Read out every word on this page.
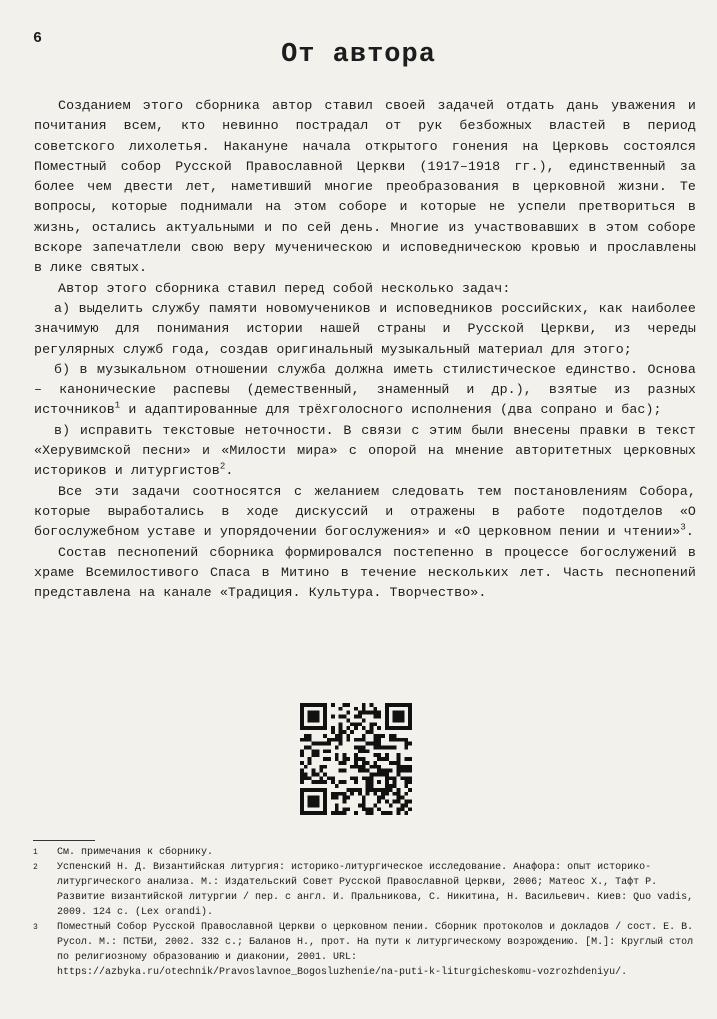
6
От автора

Созданием этого сборника автор ставил своей задачей отдать дань уважения и почитания всем, кто невинно пострадал от рук безбожных властей в период советского лихолетья. Накануне начала открытого гонения на Церковь состоялся Поместный собор Русской Православной Церкви (1917–1918 гг.), единственный за более чем двести лет, наметивший многие преобразования в церковной жизни. Те вопросы, которые поднимали на этом соборе и которые не успели претвориться в жизнь, остались актуальными и по сей день. Многие из участвовавших в этом соборе вскоре запечатлели свою веру мученическою и исповедническою кровью и прославлены в лике святых.

Автор этого сборника ставил перед собой несколько задач:

а) выделить службу памяти новомучеников и исповедников российских, как наиболее значимую для понимания истории нашей страны и Русской Церкви, из череды регулярных служб года, создав оригинальный музыкальный материал для этого;

б) в музыкальном отношении служба должна иметь стилистическое единство. Основа – канонические распевы (демественный, знаменный и др.), взятые из разных источников$^1$ и адаптированные для трёхголосного исполнения (два сопрано и бас);

в) исправить текстовые неточности. В связи с этим были внесены правки в текст «Херувимской песни» и «Милости мира» с опорой на мнение авторитетных церковных историков и литургистов$^2$.

Все эти задачи соотносятся с желанием следовать тем постановлениям Собора, которые выработались в ходе дискуссий и отражены в работе подотделов «О богослужебном уставе и упорядочении богослужения» и «О церковном пении и чтении»$^3$.

Состав песнопений сборника формировался постепенно в процессе богослужений в храме Всемилостивого Спаса в Митино в течение нескольких лет. Часть песнопений представлена на канале «Традиция. Культура. Творчество».

1 См. примечания к сборнику.
2 Успенский Н. Д. Византийская литургия: историко-литургическое исследование. Анафора: опыт историко-литургического анализа. М.: Издательский Совет Русской Православной Церкви, 2006; Матеос Х., Тафт Р. Развитие византийской литургии / пер. с англ. И. Пральникова, С. Никитина, Н. Васильевич. Киев: Quo vadis, 2009. 124 с. (Lex orandi).
3 Поместный Собор Русской Православной Церкви о церковном пении. Сборник протоколов и докладов / сост. Е. В. Русол. М.: ПСТБИ, 2002. 332 с.; Баланов Н., прот. На пути к литургическому возрождению. [М.]: Круглый стол по религиозному образованию и диаконии, 2001. URL: https://azbyka.ru/otechnik/Pravoslavnoe_Bogosluzhenie/na-puti-k-liturgicheskomu-vozrozhdeniyu/.
